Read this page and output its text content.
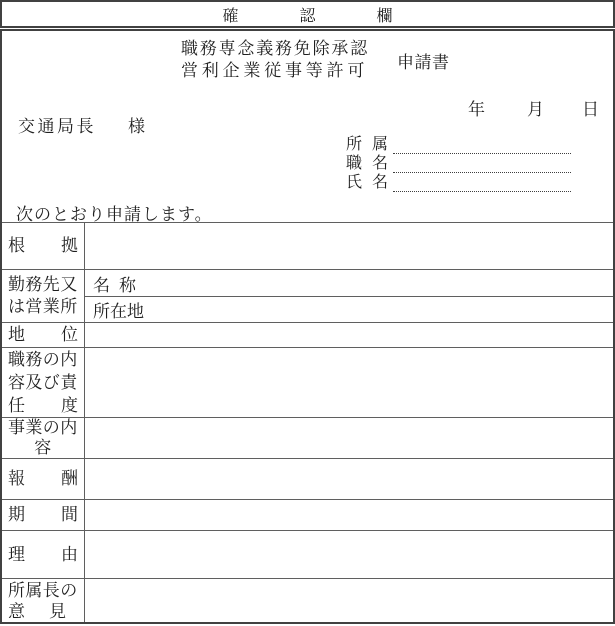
確	認	欄
職務専念義務免除承認
営利企業従事等許可 申請書
年 月 日
交通局長 様
所 属
職 名
氏 名
次のとおり申請します。
根 拠
勤務先又
は営業所
名 称
所在地
地 位
職務の内
容及び責
任 度
事業の内
容
報 酬
期 間
理 由
所属長の
意 見
